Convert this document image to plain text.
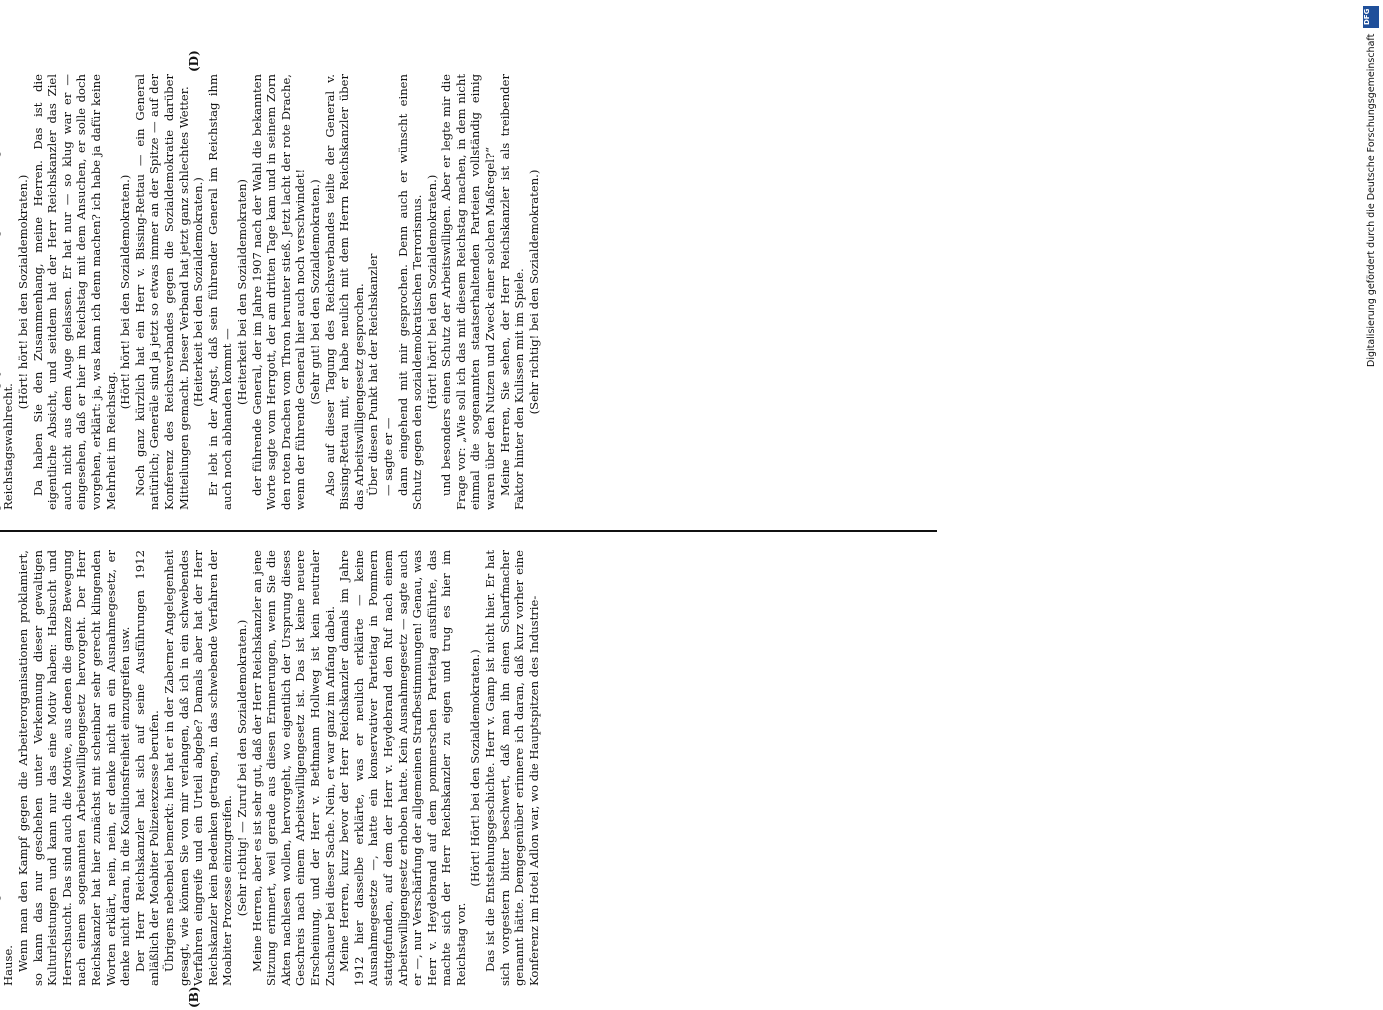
(B)
(D)

Hause. Wenn man den Kampf gegen die Arbeiterorganisationen proklamiert, so kann das nur geschehen unter Verkennung dieser gewaltigen Kulturleistungen und kann nur das eine Motiv haben: Habsucht und Herrschsucht. Das sind auch die Motive, aus denen die ganze Bewegung nach einem sogenannten Arbeitswilligengesetz hervorgeht. Der Herr Reichskanzler hat hier zunächst mit scheinbar sehr gerecht klingenden Worten erklärt, nein, nein, er denke nicht an ein Ausnahmegesetz, er denke nicht daran, in die Koalitionsfreiheit einzugreifen usw. Der Herr Reichskanzler hat sich auf seine Ausführungen 1912 anläßlich der Moabiter Polizeiexzesse berufen. Übrigens nebenbei bemerkt: hier hat er in der Zaberner Angelegenheit gesagt, wie können Sie von mir verlangen, daß ich in ein schwebendes Verfahren eingreife und ein Urteil abgebe? Damals aber hat der Herr Reichskanzler kein Bedenken getragen, in das schwebende Verfahren der Moabiter Prozesse einzugreifen. (Sehr richtig! — Zuruf bei den Sozialdemokraten.) Meine Herren, aber es ist sehr gut, daß der Herr Reichskanzler an jene Sitzung erinnert, weil gerade aus diesen Erinnerungen, wenn Sie die Akten nachlesen wollen, hervorgeht, wo eigentlich der Ursprung dieses Geschreis nach einem Arbeitswilligengesetz ist. Das ist keine neuere Erscheinung, und der Herr v. Bethmann Hollweg ist kein neutraler Zuschauer bei dieser Sache. Nein, er war ganz im Anfang dabei. Meine Herren, kurz bevor der Herr Reichskanzler damals im Jahre 1912 hier dasselbe erklärte, was er neulich erklärte — keine Ausnahmegesetze —, hatte ein konservativer Parteitag in Pommern stattgefunden, auf dem der Herr v. Heydebrand den Ruf nach einem Arbeitswilligengesetz erhoben hatte. Kein Ausnahmegesetz — sagte auch er —, nur Verschärfung der allgemeinen Strafbestimmungen! Genau, was Herr v. Heydebrand auf dem pommerschen Parteitag ausführte, das machte sich der Herr Reichskanzler zu eigen und trug es hier im Reichstag vor.

(Hört! Hört! bei den Sozialdemokraten.) Das ist die Entstehungsgeschichte. Herr v. Gamp ist nicht hier. Er hat sich vorgestern bitter beschwert, daß man ihn einen Scharfmacher genannt hätte. Demgegenüber erinnere ich daran, daß kurz vorher eine Konferenz im Hotel Adlon war, wo die Hauptspitzen des Industrie-

Reichstagswahlrecht.

(Hört! hört! bei den Sozialdemokraten.) Da haben Sie den Zusammenhang, meine Herren. Das ist die eigentliche Absicht, und seitdem hat der Herr Reichskanzler das Ziel auch nicht aus dem Auge gelassen. Er hat nur — so klug war er — eingesehen, daß er hier im Reichstag mit dem Ansuchen, er solle doch vorgehen, erklärt: ja, was kann ich denn machen? ich habe ja dafür keine Mehrheit im Reichstag.

(Hört! hört! bei den Sozialdemokraten.) Noch ganz kürzlich hat ein Herr v. Bissing-Rettau — ein General natürlich; Generäle sind ja jetzt so etwas immer an der Spitze — auf der Konferenz des Reichsverbandes gegen die Sozialdemokratie darüber Mitteilungen gemacht. Dieser Verband hat jetzt ganz schlechtes Wetter. (Heiterkeit bei den Sozialdemokraten.) Er lebt in der Angst, daß sein führender General im Reichstag ihm auch noch abhanden kommt —

(Heiterkeit bei den Sozialdemokraten) der führende General, der im Jahre 1907 nach der Wahl die bekannten Worte sagte vom Herrgott, der am dritten Tage kam und in seinem Zorn den roten Drachen vom Thron herunter stieß. Jetzt lacht der rote Drache, wenn der führende General hier auch noch verschwindet! (Sehr gut! bei den Sozialdemokraten.) Also auf dieser Tagung des Reichsverbandes teilte der General v. Bissing-Rettau mit, er habe neulich mit dem Herrn Reichskanzler über das Arbeitswilligengesetz gesprochen. Über diesen Punkt hat der Reichskanzler — sagte er — dann eingehend mit mir gesprochen. Denn auch er wünscht einen Schutz gegen den sozialdemokratischen Terrorismus. (Hört! hört! bei den Sozialdemokraten.) und besonders einen Schutz der Arbeitswilligen. Aber er legte mir die Frage vor: „Wie soll ich das mit diesem Reichstag machen, in dem nicht einmal die sogenannten staatserhaltenden Parteien vollständig einig waren über den Nutzen und Zweck einer solchen Maßregel?“ Meine Herren, Sie sehen, der Herr Reichskanzler ist als treibender Faktor hinter den Kulissen mit im Spiele. (Sehr richtig! bei den Sozialdemokraten.)

DFG
Digitalisierung gefördert durch die Deutsche Forschungsgemeinschaft
